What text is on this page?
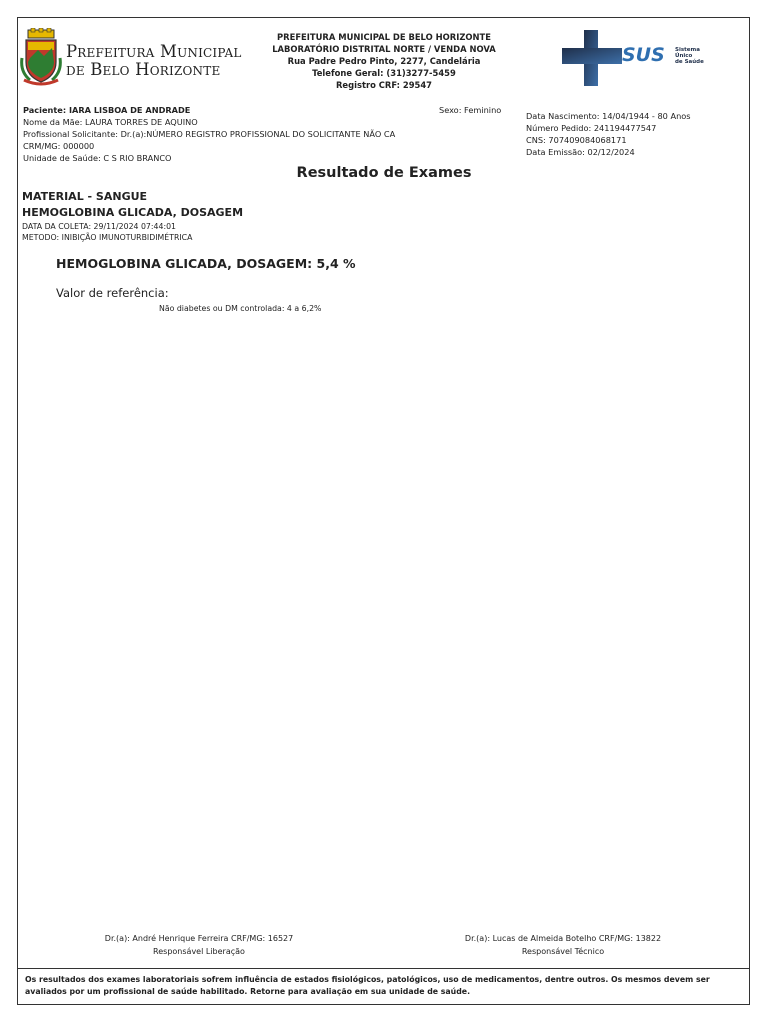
Prefeitura Municipal
de Belo Horizonte
PREFEITURA MUNICIPAL DE BELO HORIZONTE
LABORATÓRIO DISTRITAL NORTE / VENDA NOVA
Rua Padre Pedro Pinto, 2277, Candelária
Telefone Geral: (31)3277-5459
Registro CRF: 29547
SUS Sistema
Único
de Saúde
Paciente: IARA LISBOA DE ANDRADE
Nome da Mãe: LAURA TORRES DE AQUINO
Profissional Solicitante: Dr.(a):NÚMERO REGISTRO PROFISSIONAL DO SOLICITANTE NÃO CA
CRM/MG: 000000
Unidade de Saúde: C S RIO BRANCO
Sexo: Feminino
Data Nascimento: 14/04/1944 - 80 Anos
Número Pedido: 241194477547
CNS: 707409084068171
Data Emissão: 02/12/2024
Resultado de Exames
MATERIAL - SANGUE
HEMOGLOBINA GLICADA, DOSAGEM
DATA DA COLETA: 29/11/2024 07:44:01
METODO: INIBIÇÃO IMUNOTURBIDIMÉTRICA
HEMOGLOBINA GLICADA, DOSAGEM: 5,4 %
Valor de referência:
Não diabetes ou DM controlada: 4 a 6,2%
Dr.(a): André Henrique Ferreira CRF/MG: 16527
Responsável Liberação
Dr.(a): Lucas de Almeida Botelho CRF/MG: 13822
Responsável Técnico
Os resultados dos exames laboratoriais sofrem influência de estados fisiológicos, patológicos, uso de medicamentos, dentre outros. Os mesmos devem ser avaliados por um profissional de saúde habilitado. Retorne para avaliação em sua unidade de saúde.
